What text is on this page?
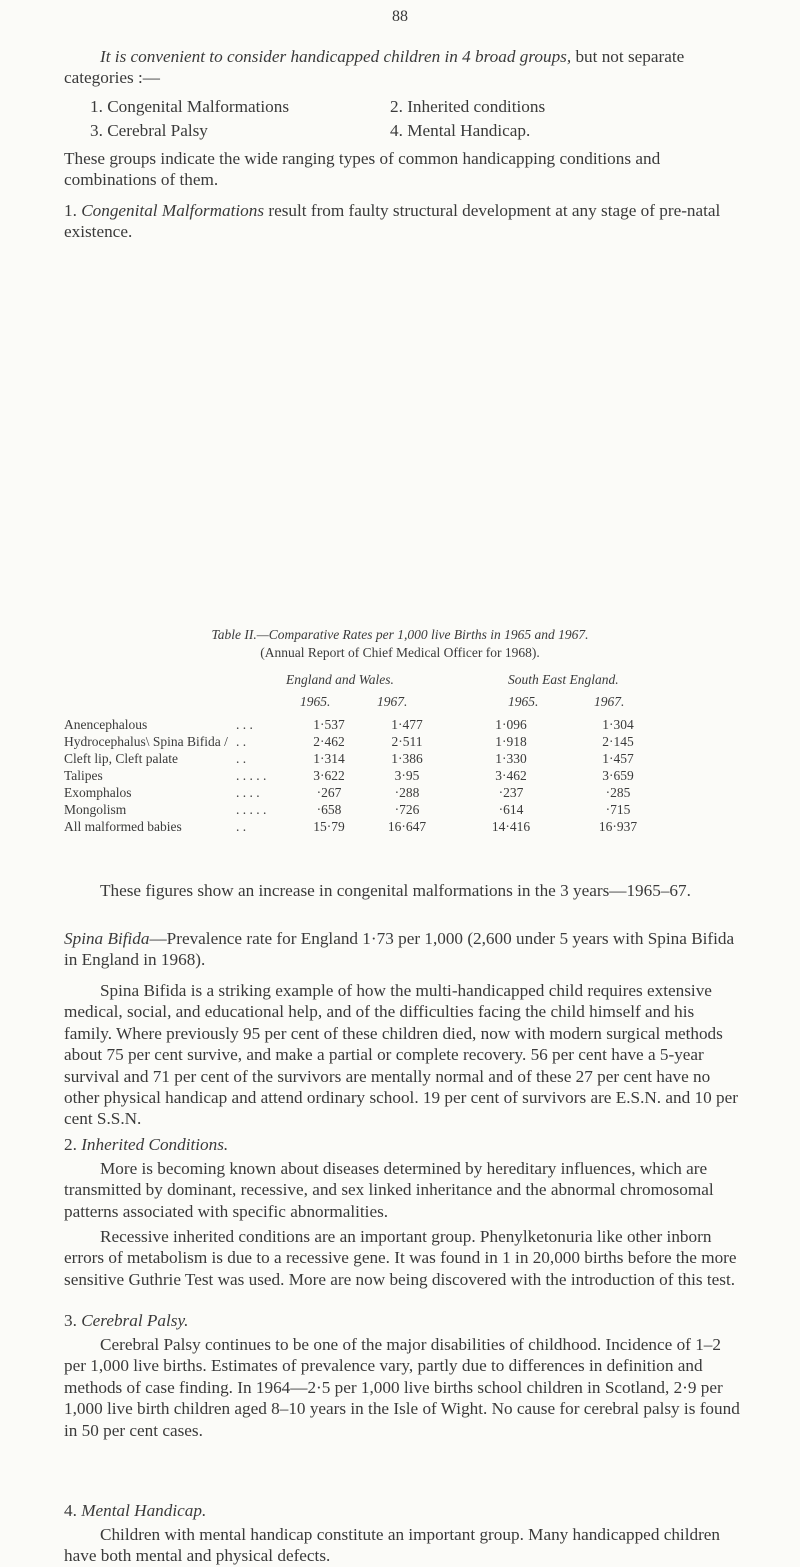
88

It is convenient to consider handicapped children in 4 broad groups, but not separate categories :—

1. Congenital Malformations	2. Inherited conditions
3. Cerebral Palsy	4. Mental Handicap.

These groups indicate the wide ranging types of common handicapping conditions and combinations of them.

1. Congenital Malformations result from faulty structural development at any stage of pre-natal existence.

Table II.—Comparative Rates per 1,000 live Births in 1965 and 1967.
(Annual Report of Chief Medical Officer for 1968).
England and Wales.	South East England.
1965.	1967.	1965.	1967.
Anencephalous	. . .	1·537	1·477	1·096	1·304
Hydrocephalus\ Spina Bifida /	. .	2·462	2·511	1·918	2·145
Cleft lip, Cleft palate	. .	1·314	1·386	1·330	1·457
Talipes	. . . . .	3·622	3·95	3·462	3·659
Exomphalos	. . . .	·267	·288	·237	·285
Mongolism	. . . . .	·658	·726	·614	·715
All malformed babies	. .	15·79	16·647	14·416	16·937

These figures show an increase in congenital malformations in the 3 years—1965–67.

Spina Bifida—Prevalence rate for England 1·73 per 1,000 (2,600 under 5 years with Spina Bifida in England in 1968).

Spina Bifida is a striking example of how the multi-handicapped child requires extensive medical, social, and educational help, and of the difficulties facing the child himself and his family. Where previously 95 per cent of these children died, now with modern surgical methods about 75 per cent survive, and make a partial or complete recovery. 56 per cent have a 5-year survival and 71 per cent of the survivors are mentally normal and of these 27 per cent have no other physical handicap and attend ordinary school. 19 per cent of survivors are E.S.N. and 10 per cent S.S.N.

2. Inherited Conditions.

More is becoming known about diseases determined by hereditary influences, which are transmitted by dominant, recessive, and sex linked inheritance and the abnormal chromosomal patterns associated with specific abnormalities.

Recessive inherited conditions are an important group. Phenylketonuria like other inborn errors of metabolism is due to a recessive gene. It was found in 1 in 20,000 births before the more sensitive Guthrie Test was used. More are now being discovered with the introduction of this test.

3. Cerebral Palsy.

Cerebral Palsy continues to be one of the major disabilities of childhood. Incidence of 1–2 per 1,000 live births. Estimates of prevalence vary, partly due to differences in definition and methods of case finding. In 1964—2·5 per 1,000 live births school children in Scotland, 2·9 per 1,000 live birth children aged 8–10 years in the Isle of Wight. No cause for cerebral palsy is found in 50 per cent cases.

4. Mental Handicap.

Children with mental handicap constitute an important group. Many handicapped children have both mental and physical defects.
